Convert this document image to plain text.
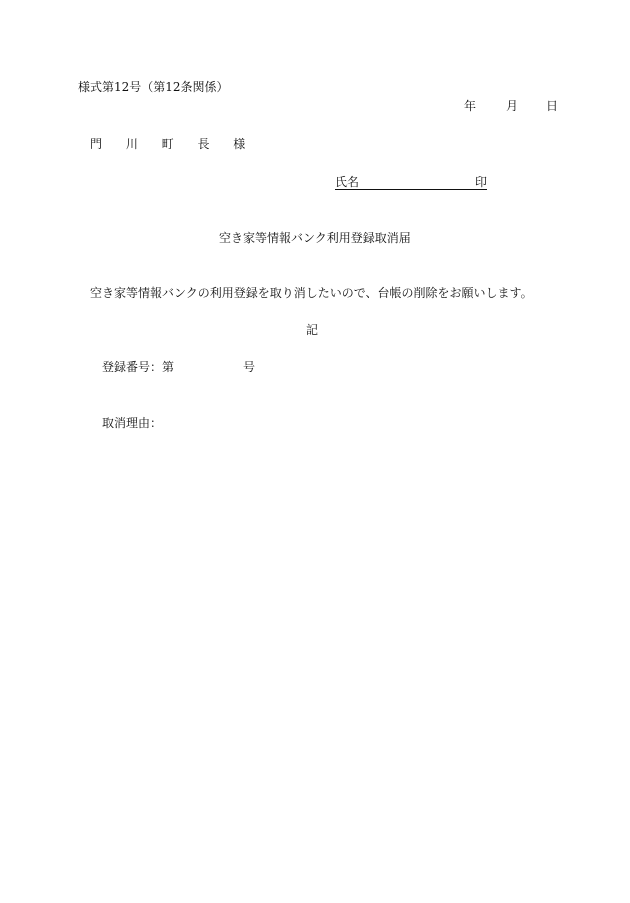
様式第12号（第12条関係）
年	月 日
門 川 町 長 様
氏名	印

空き家等情報バンク利用登録取消届
空き家等情報バンクの利用登録を取り消したいので、台帳の削除をお願いします。
記
登録番号： 第	号
取消理由：
